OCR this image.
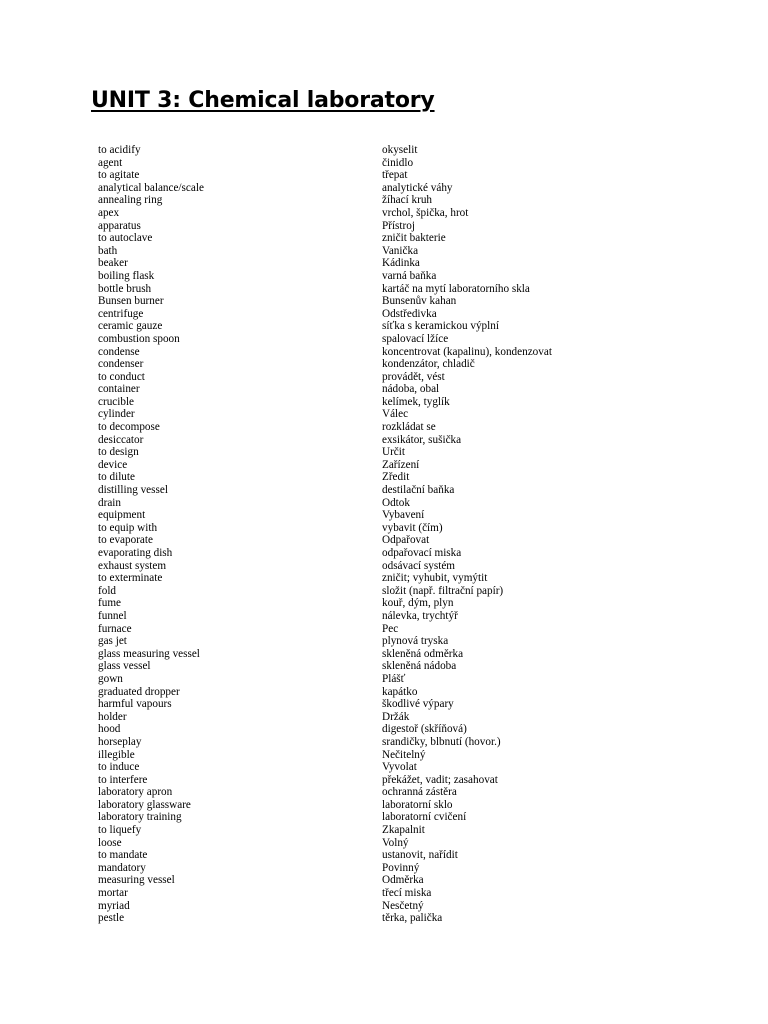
UNIT 3: Chemical laboratory
to acidify	okyselit
agent	činidlo
to agitate	třepat
analytical balance/scale	analytické váhy
annealing ring	žíhací kruh
apex	vrchol, špička, hrot
apparatus	Přístroj
to autoclave	zničit bakterie
bath	Vanička
beaker	Kádinka
boiling flask	varná baňka
bottle brush	kartáč na mytí laboratorního skla
Bunsen burner	Bunsenův kahan
centrifuge	Odstředivka
ceramic gauze	síťka s keramickou výplní
combustion spoon	spalovací lžíce
condense	koncentrovat (kapalinu), kondenzovat
condenser	kondenzátor, chladič
to conduct	provádět, vést
container	nádoba, obal
crucible	kelímek, tyglík
cylinder	Válec
to decompose	rozkládat se
desiccator	exsikátor, sušička
to design	Určit
device	Zařízení
to dilute	Zředit
distilling vessel	destilační baňka
drain	Odtok
equipment	Vybavení
to equip with	vybavit (čím)
to evaporate	Odpařovat
evaporating dish	odpařovací miska
exhaust system	odsávací systém
to exterminate	zničit; vyhubit, vymýtit
fold	složit (např. filtrační papír)
fume	kouř, dým, plyn
funnel	nálevka, trychtýř
furnace	Pec
gas jet	plynová tryska
glass measuring vessel	skleněná odměrka
glass vessel	skleněná nádoba
gown	Plášť
graduated dropper	kapátko
harmful vapours	škodlivé výpary
holder	Držák
hood	digestoř (skříňová)
horseplay	srandičky, blbnutí (hovor.)
illegible	Nečitelný
to induce	Vyvolat
to interfere	překážet, vadit; zasahovat
laboratory apron	ochranná zástěra
laboratory glassware	laboratorní sklo
laboratory training	laboratorní cvičení
to liquefy	Zkapalnit
loose	Volný
to mandate	ustanovit, nařídit
mandatory	Povinný
measuring vessel	Odměrka
mortar	třecí miska
myriad	Nesčetný
pestle	těrka, palička
